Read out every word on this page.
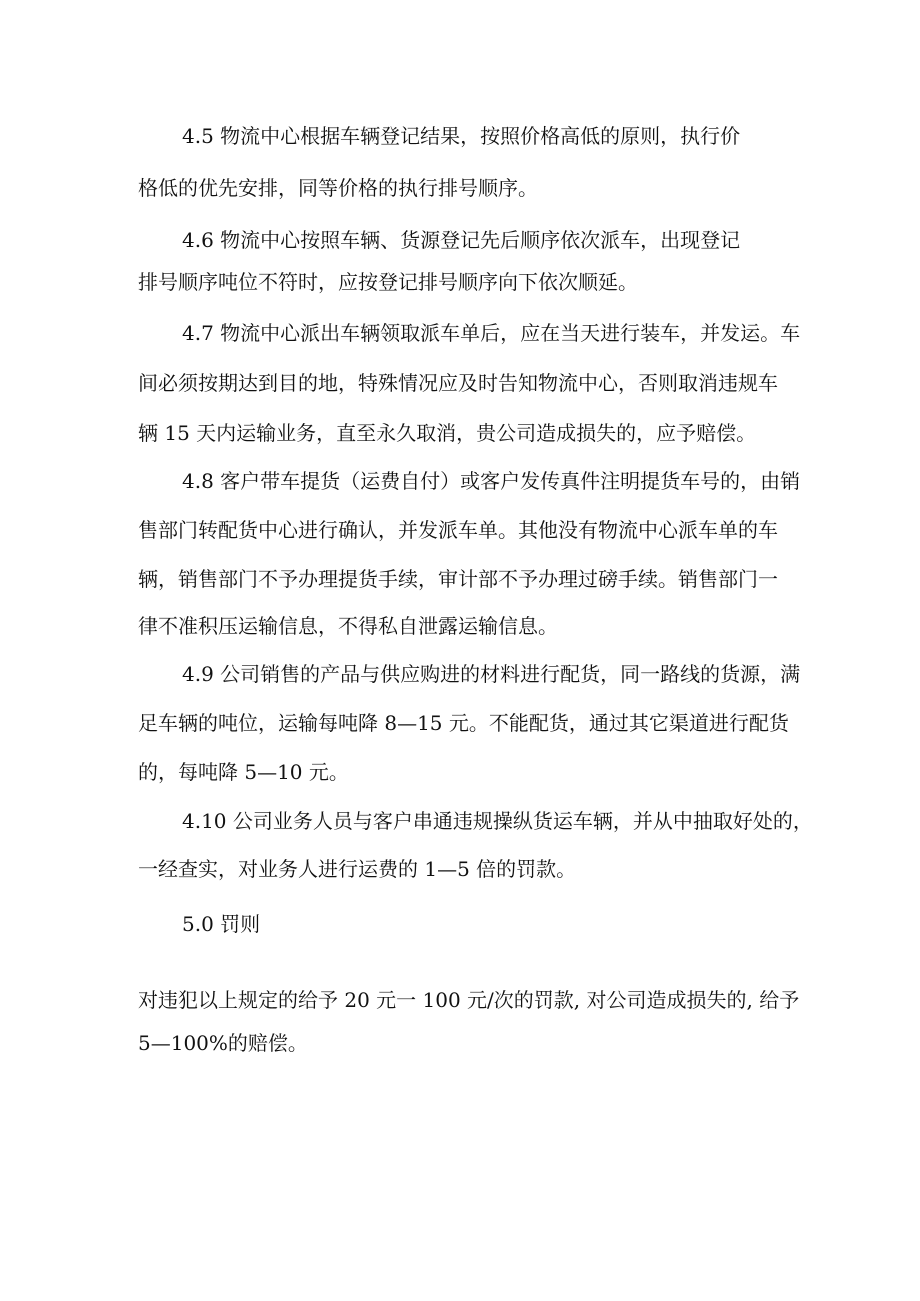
4.5 物流中心根据车辆登记结果，按照价格高低的原则，执行价

格低的优先安排，同等价格的执行排号顺序。

4.6 物流中心按照车辆、货源登记先后顺序依次派车，出现登记

排号顺序吨位不符时，应按登记排号顺序向下依次顺延。

4.7 物流中心派出车辆领取派车单后，应在当天进行装车，并发运。车

间必须按期达到目的地，特殊情况应及时告知物流中心，否则取消违规车

辆 15 天内运输业务，直至永久取消，贵公司造成损失的，应予赔偿。

4.8 客户带车提货（运费自付）或客户发传真件注明提货车号的，由销

售部门转配货中心进行确认，并发派车单。其他没有物流中心派车单的车

辆，销售部门不予办理提货手续，审计部不予办理过磅手续。销售部门一

律不准积压运输信息，不得私自泄露运输信息。

4.9 公司销售的产品与供应购进的材料进行配货，同一路线的货源，满

足车辆的吨位，运输每吨降 8—15 元。不能配货，通过其它渠道进行配货

的，每吨降 5—10 元。

4.10 公司业务人员与客户串通违规操纵货运车辆，并从中抽取好处的，

一经查实，对业务人进行运费的 1—5 倍的罚款。

5.0 罚则

对违犯以上规定的给予 20 元一 100 元/次的罚款, 对公司造成损失的, 给予

5—100%的赔偿。
